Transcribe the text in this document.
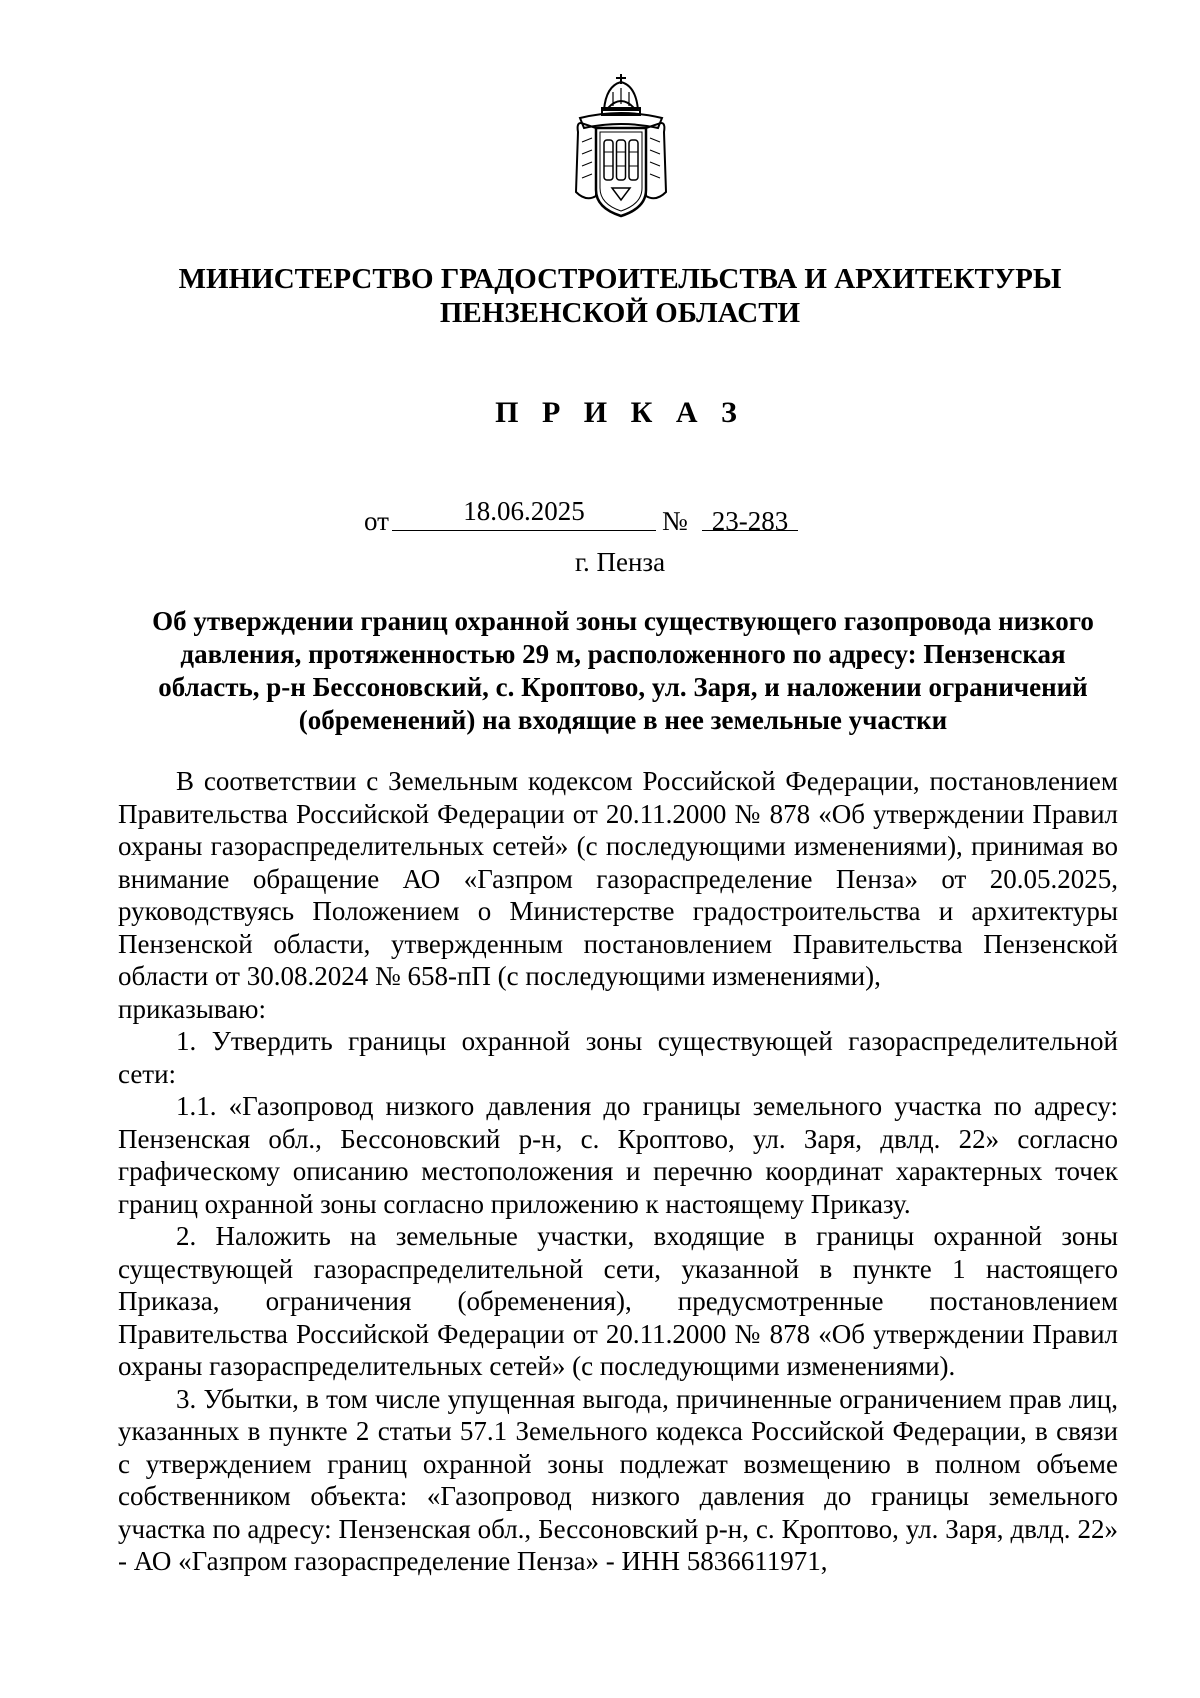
МИНИСТЕРСТВО ГРАДОСТРОИТЕЛЬСТВА И АРХИТЕКТУРЫ
ПЕНЗЕНСКОЙ ОБЛАСТИ
П Р И К А З
от	18.06.2025	№ 23-283
г. Пенза
Об утверждении границ охранной зоны существующего газопровода низкого
давления, протяженностью 29 м, расположенного по адресу: Пензенская
область, р-н Бессоновский, с. Кроптово, ул. Заря, и наложении ограничений
(обременений) на входящие в нее земельные участки

В соответствии с Земельным кодексом Российской Федерации, постановлением Правительства Российской Федерации от 20.11.2000 № 878 «Об утверждении Правил охраны газораспределительных сетей» (с последующими изменениями), принимая во внимание обращение АО «Газпром газораспределение Пенза» от 20.05.2025, руководствуясь Положением о Министерстве градостроительства и архитектуры Пензенской области, утвержденным постановлением Правительства Пензенской области от 30.08.2024 № 658-пП (с последующими изменениями),

приказываю:

1. Утвердить границы охранной зоны существующей газораспределительной сети:

1.1. «Газопровод низкого давления до границы земельного участка по адресу: Пензенская обл., Бессоновский р-н, с. Кроптово, ул. Заря, двлд. 22» согласно графическому описанию местоположения и перечню координат характерных точек границ охранной зоны согласно приложению к настоящему Приказу.

2. Наложить на земельные участки, входящие в границы охранной зоны существующей газораспределительной сети, указанной в пункте 1 настоящего Приказа, ограничения (обременения), предусмотренные постановлением Правительства Российской Федерации от 20.11.2000 № 878 «Об утверждении Правил охраны газораспределительных сетей» (с последующими изменениями).

3. Убытки, в том числе упущенная выгода, причиненные ограничением прав лиц, указанных в пункте 2 статьи 57.1 Земельного кодекса Российской Федерации, в связи с утверждением границ охранной зоны подлежат возмещению в полном объеме собственником объекта: «Газопровод низкого давления до границы земельного участка по адресу: Пензенская обл., Бессоновский р-н, с. Кроптово, ул. Заря, двлд. 22» - АО «Газпром газораспределение Пенза» - ИНН 5836611971,
